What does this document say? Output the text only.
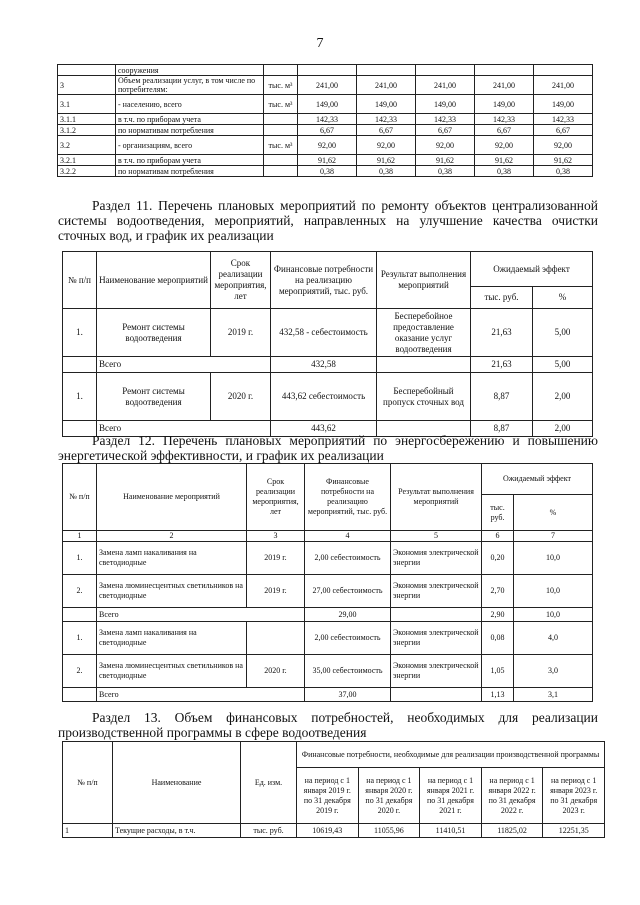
7
	сооружения						
3	Объем реализации услуг, в том числе по потребителям:	тыс. м³	241,00	241,00	241,00	241,00	241,00
3.1	- населению, всего	тыс. м³	149,00	149,00	149,00	149,00	149,00
3.1.1	в т.ч. по приборам учета		142,33	142,33	142,33	142,33	142,33
3.1.2	по нормативам потребления		6,67	6,67	6,67	6,67	6,67
3.2	- организациям, всего	тыс. м³	92,00	92,00	92,00	92,00	92,00
3.2.1	в т.ч. по приборам учета		91,62	91,62	91,62	91,62	91,62
3.2.2	по нормативам потребления		0,38	0,38	0,38	0,38	0,38
Раздел 11. Перечень плановых мероприятий по ремонту объектов централизованной системы водоотведения, мероприятий, направленных на улучшение качества очистки сточных вод, и график их реализации
№ п/п	Наименование мероприятий	Срок реализации мероприятия, лет	Финансовые потребности на реализацию мероприятий, тыс. руб.	Результат выполнения мероприятий	Ожидаемый эффект	
					тыс. руб.	%
1.	Ремонт системы водоотведения	2019 г.	432,58 - себестоимость	Бесперебойное предоставление оказание услуг водоотведения	21,63	5,00
	Всего		432,58		21,63	5,00
1.	Ремонт системы водоотведения	2020 г.	443,62 себестоимость	Бесперебойный пропуск сточных вод	8,87	2,00
	Всего		443,62		8,87	2,00
Раздел 12. Перечень плановых мероприятий по энергосбережению и повышению энергетической эффективности, и график их реализации
№ п/п	Наименование мероприятий	Срок реализации мероприятия, лет	Финансовые потребности на реализацию мероприятий, тыс. руб.	Результат выполнения мероприятий	Ожидаемый эффект	
					тыс. руб.	%
1	2	3	4	5	6	7
1.	Замена ламп накаливания на светодиодные	2019 г.	2,00 себестоимость	Экономия электрической энергии	0,20	10,0
2.	Замена люминесцентных светильников на светодиодные	2019 г.	27,00 себестоимость	Экономия электрической энергии	2,70	10,0
	Всего		29,00		2,90	10,0
1.	Замена ламп накаливания на светодиодные		2,00 себестоимость	Экономия электрической энергии	0,08	4,0
2.	Замена люминесцентных светильников на светодиодные	2020 г.	35,00 себестоимость	Экономия электрической энергии	1,05	3,0
	Всего		37,00		1,13	3,1
Раздел 13. Объем финансовых потребностей, необходимых для реализации производственной программы в сфере водоотведения
№ п/п	Наименование	Ед. изм.	Финансовые потребности, необходимые для реализации производственной программы				
			на период с 1 января 2019 г. по 31 декабря 2019 г.	на период с 1 января 2020 г. по 31 декабря 2020 г.	на период с 1 января 2021 г. по 31 декабря 2021 г.	на период с 1 января 2022 г. по 31 декабря 2022 г.	на период с 1 января 2023 г. по 31 декабря 2023 г.
1	Текущие расходы, в т.ч.	тыс. руб.	10619,43	11055,96	11410,51	11825,02	12251,35
